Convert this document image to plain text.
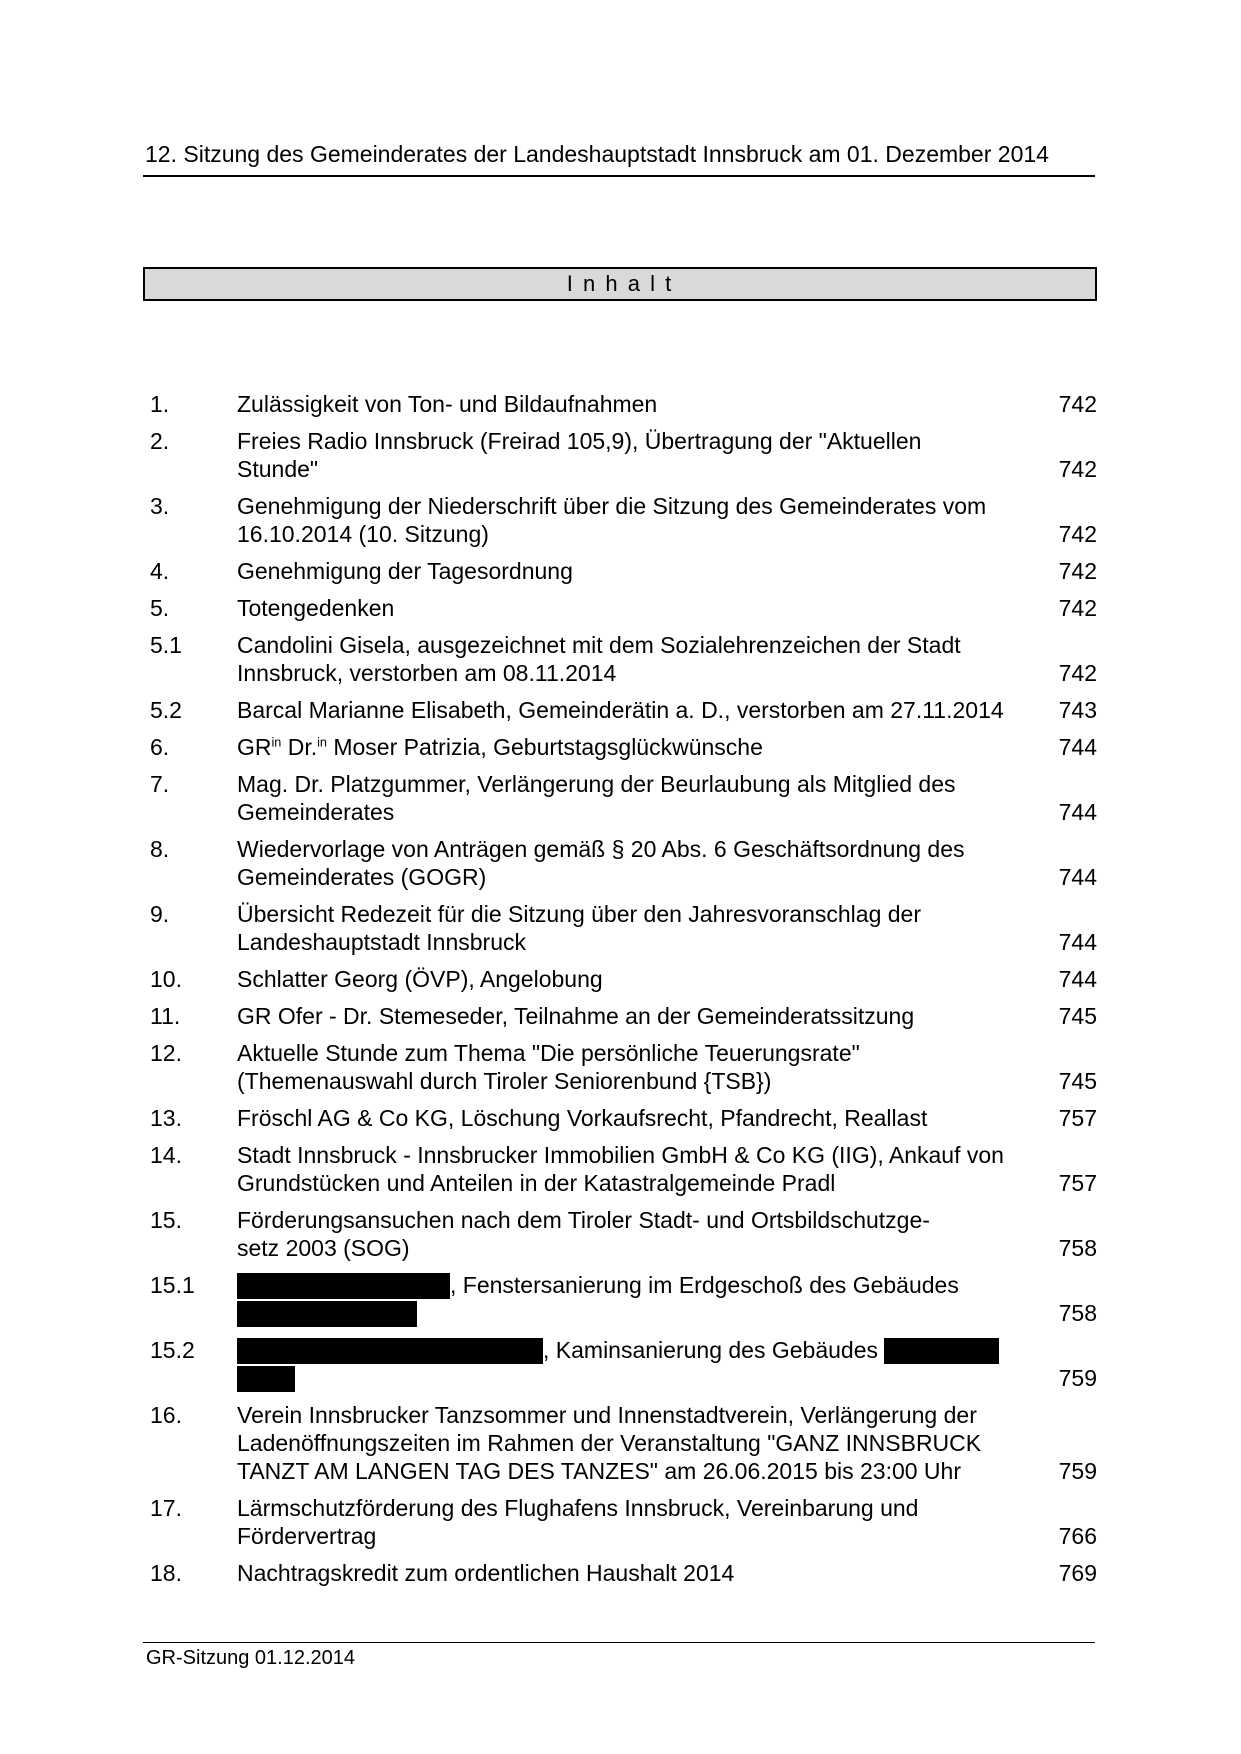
12. Sitzung des Gemeinderates der Landeshauptstadt Innsbruck am 01. Dezember 2014
I n h a l t
1.	Zulässigkeit von Ton- und Bildaufnahmen	742
2.	Freies Radio Innsbruck (Freirad 105,9), Übertragung der "Aktuellen
Stunde"	742
3.	Genehmigung der Niederschrift über die Sitzung des Gemeinderates vom
16.10.2014 (10. Sitzung)	742
4.	Genehmigung der Tagesordnung	742
5.	Totengedenken	742
5.1	Candolini Gisela, ausgezeichnet mit dem Sozialehrenzeichen der Stadt
Innsbruck, verstorben am 08.11.2014	742
5.2	Barcal Marianne Elisabeth, Gemeinderätin a. D., verstorben am 27.11.2014	743
6.	$GR^{in}$ Dr.$^{in}$ Moser Patrizia, Geburtstagsglückwünsche	744
7.	Mag. Dr. Platzgummer, Verlängerung der Beurlaubung als Mitglied des
Gemeinderates	744
8.	Wiedervorlage von Anträgen gemäß § 20 Abs. 6 Geschäftsordnung des
Gemeinderates (GOGR)	744
9.	Übersicht Redezeit für die Sitzung über den Jahresvoranschlag der
Landeshauptstadt Innsbruck	744
10.	Schlatter Georg (ÖVP), Angelobung	744
11.	GR Ofer - Dr. Stemeseder, Teilnahme an der Gemeinderatssitzung	745
12.	Aktuelle Stunde zum Thema "Die persönliche Teuerungsrate"
(Themenauswahl durch Tiroler Seniorenbund {TSB})	745
13.	Fröschl AG & Co KG, Löschung Vorkaufsrecht, Pfandrecht, Reallast	757
14.	Stadt Innsbruck - Innsbrucker Immobilien GmbH & Co KG (IIG), Ankauf von
Grundstücken und Anteilen in der Katastralgemeinde Pradl	757
15.	Förderungsansuchen nach dem Tiroler Stadt- und Ortsbildschutzge-
setz 2003 (SOG)	758
15.1	, Fenstersanierung im Erdgeschoß des Gebäudes
758
15.2	, Kaminsanierung des Gebäudes
759
16.	Verein Innsbrucker Tanzsommer und Innenstadtverein, Verlängerung der
Ladenöffnungszeiten im Rahmen der Veranstaltung "GANZ INNSBRUCK
TANZT AM LANGEN TAG DES TANZES" am 26.06.2015 bis 23:00 Uhr	759
17.	Lärmschutzförderung des Flughafens Innsbruck, Vereinbarung und
Fördervertrag	766
18.	Nachtragskredit zum ordentlichen Haushalt 2014	769
GR-Sitzung 01.12.2014
